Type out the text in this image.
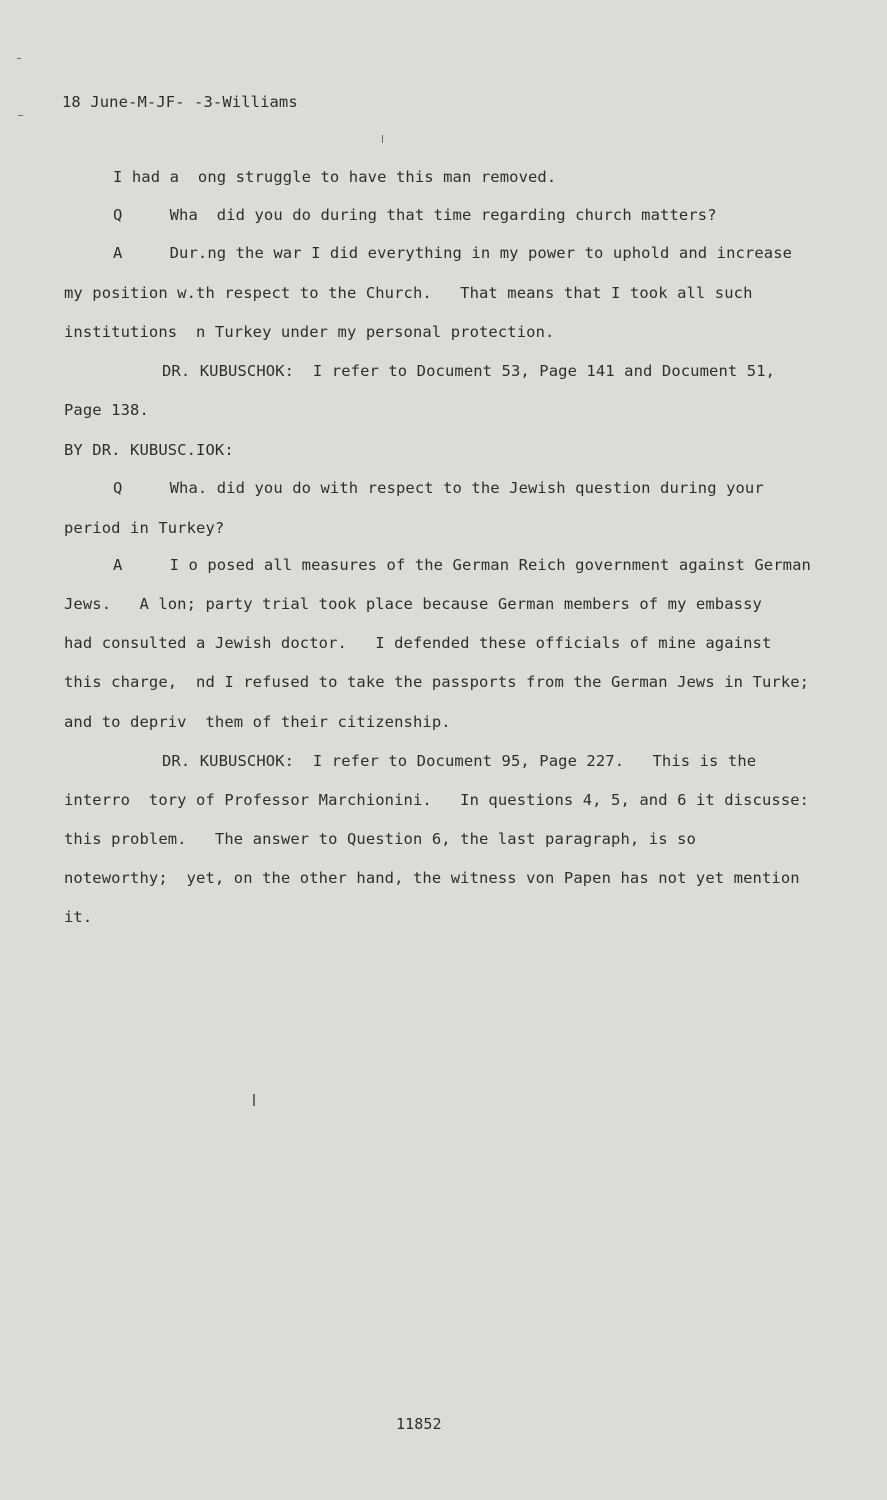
18 June-M-JF- -3-Williams
I had a  ong struggle to have this man removed.
Q     Wha  did you do during that time regarding church matters?
A     Dur.ng the war I did everything in my power to uphold and increase
my position w.th respect to the Church.   That means that I took all such
institutions  n Turkey under my personal protection.
DR. KUBUSCHOK:  I refer to Document 53, Page 141 and Document 51,
Page 138.
BY DR. KUBUSC.IOK:
Q     Wha. did you do with respect to the Jewish question during your
period in Turkey?
A     I o posed all measures of the German Reich government against German
Jews.   A lon; party trial took place because German members of my embassy
had consulted a Jewish doctor.   I defended these officials of mine against
this charge,  nd I refused to take the passports from the German Jews in Turke;
and to depriv  them of their citizenship.
DR. KUBUSCHOK:  I refer to Document 95, Page 227.   This is the
interro  tory of Professor Marchionini.   In questions 4, 5, and 6 it discusse:
this problem.   The answer to Question 6, the last paragraph, is so
noteworthy;  yet, on the other hand, the witness von Papen has not yet mention
it.
11852
